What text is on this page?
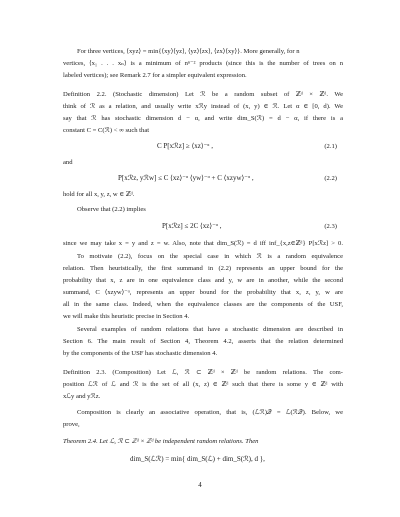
For three vertices, ⟨xyz⟩ = min{⟨xy⟩⟨yz⟩, ⟨yz⟩⟨zx⟩, ⟨zx⟩⟨xy⟩}. More generally, for n
vertices, ⟨x₁ . . . xₙ⟩ is a minimum of nⁿ⁻² products (since this is the number of trees on n
labeled vertices); see Remark 2.7 for a simpler equivalent expression.
Definition 2.2. (Stochastic dimension) Let ℛ be a random subset of ℤᵈ × ℤᵈ. We
think of ℛ as a relation, and usually write xℛy instead of (x, y) ∈ ℛ. Let α ∈ [0, d). We
say that ℛ has stochastic dimension d − α, and write dim_S(ℛ) = d − α, if there is a
constant C = C(ℛ) < ∞ such that
C P[xℛz] ≥ ⟨xz⟩⁻ᵅ ,	(2.1)
and
P[xℛz, yℛw] ≤ C ⟨xz⟩⁻ᵅ ⟨yw⟩⁻ᵅ + C ⟨xzyw⟩⁻ᵅ ,	(2.2)
hold for all x, y, z, w ∈ ℤᵈ.
Observe that (2.2) implies
P[xℛz] ≤ 2C ⟨xz⟩⁻ᵅ ,	(2.3)
since we may take x = y and z = w. Also, note that dim_S(ℛ) = d iff inf_{x,z∈ℤᵈ} P[xℛz] > 0.
To motivate (2.2), focus on the special case in which ℛ is a random equivalence
relation. Then heuristically, the first summand in (2.2) represents an upper bound for the
probability that x, z are in one equivalence class and y, w are in another, while the second
summand, C ⟨xzyw⟩⁻ᵅ, represents an upper bound for the probability that x, z, y, w are
all in the same class. Indeed, when the equivalence classes are the components of the USF,
we will make this heuristic precise in Section 4.
Several examples of random relations that have a stochastic dimension are described in
Section 6. The main result of Section 4, Theorem 4.2, asserts that the relation determined
by the components of the USF has stochastic dimension 4.
Definition 2.3. (Composition) Let ℒ, ℛ ⊂ ℤᵈ × ℤᵈ be random relations. The com-
position ℒℛ of ℒ and ℛ is the set of all (x, z) ∈ ℤᵈ such that there is some y ∈ ℤᵈ with
xℒy and yℛz.
Composition is clearly an associative operation, that is, (ℒℛ)𝒬 = ℒ(ℛ𝒬). Below, we
prove,
Theorem 2.4. Let ℒ, ℛ ⊂ ℤᵈ × ℤᵈ be independent random relations. Then
dim_S(ℒℛ) = min{ dim_S(ℒ) + dim_S(ℛ), d },
4
